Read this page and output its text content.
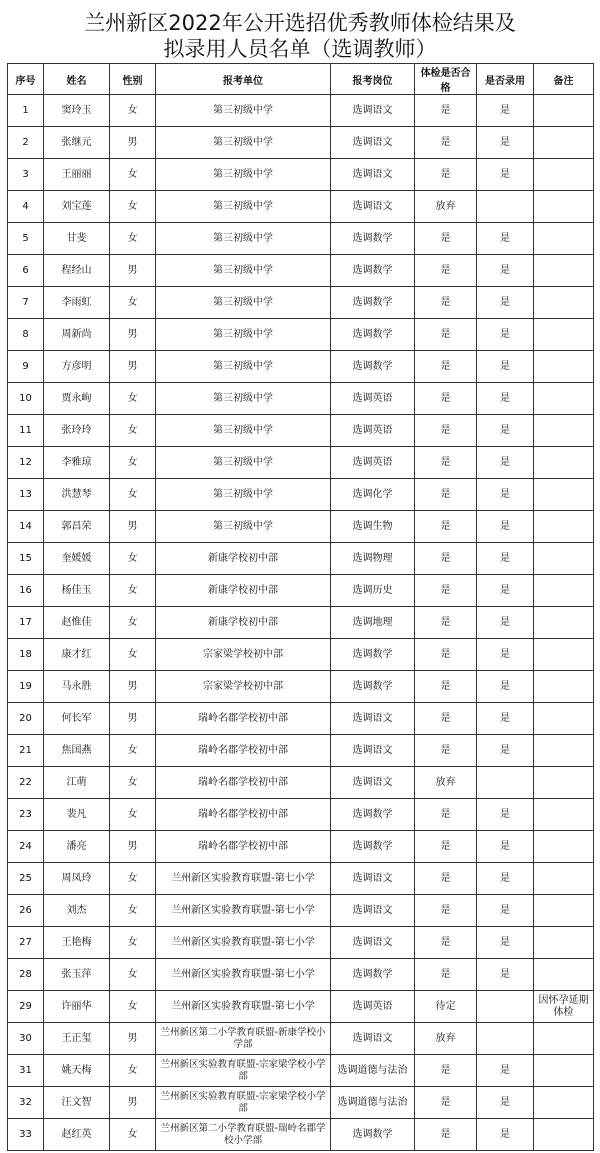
兰州新区2022年公开选招优秀教师体检结果及
拟录用人员名单（选调教师）
序号	姓名	性别	报考单位	报考岗位	体检是否合格	是否录用	备注
1	窦玲玉	女	第三初级中学	选调语文	是	是	
2	张继元	男	第三初级中学	选调语文	是	是	
3	王丽丽	女	第三初级中学	选调语文	是	是	
4	刘宝莲	女	第三初级中学	选调语文	放弃		
5	甘斐	女	第三初级中学	选调数学	是	是	
6	程经山	男	第三初级中学	选调数学	是	是	
7	李雨虹	女	第三初级中学	选调数学	是	是	
8	周新尚	男	第三初级中学	选调数学	是	是	
9	方彦明	男	第三初级中学	选调数学	是	是	
10	贾永岣	女	第三初级中学	选调英语	是	是	
11	张玲玲	女	第三初级中学	选调英语	是	是	
12	李雅琼	女	第三初级中学	选调英语	是	是	
13	洪慧琴	女	第三初级中学	选调化学	是	是	
14	郭昌荣	男	第三初级中学	选调生物	是	是	
15	奎媛媛	女	新康学校初中部	选调物理	是	是	
16	杨佳玉	女	新康学校初中部	选调历史	是	是	
17	赵惟佳	女	新康学校初中部	选调地理	是	是	
18	康才红	女	宗家梁学校初中部	选调数学	是	是	
19	马永胜	男	宗家梁学校初中部	选调数学	是	是	
20	何长军	男	瑞岭名郡学校初中部	选调语文	是	是	
21	焦国燕	女	瑞岭名郡学校初中部	选调语文	是	是	
22	江萌	女	瑞岭名郡学校初中部	选调语文	放弃		
23	裴凡	女	瑞岭名郡学校初中部	选调数学	是	是	
24	潘亮	男	瑞岭名郡学校初中部	选调数学	是	是	
25	周凤玲	女	兰州新区实验教育联盟-第七小学	选调语文	是	是	
26	刘杰	女	兰州新区实验教育联盟-第七小学	选调语文	是	是	
27	王艳梅	女	兰州新区实验教育联盟-第七小学	选调语文	是	是	
28	张玉萍	女	兰州新区实验教育联盟-第七小学	选调数学	是	是	
29	许丽华	女	兰州新区实验教育联盟-第七小学	选调英语	待定		因怀孕延期体检
30	王正玺	男	兰州新区第二小学教育联盟-新康学校小学部	选调语文	放弃		
31	姚天梅	女	兰州新区实验教育联盟-宗家梁学校小学部	选调道德与法治	是	是	
32	汪文智	男	兰州新区实验教育联盟-宗家梁学校小学部	选调道德与法治	是	是	
33	赵红英	女	兰州新区第二小学教育联盟-瑞岭名郡学校小学部	选调数学	是	是	
